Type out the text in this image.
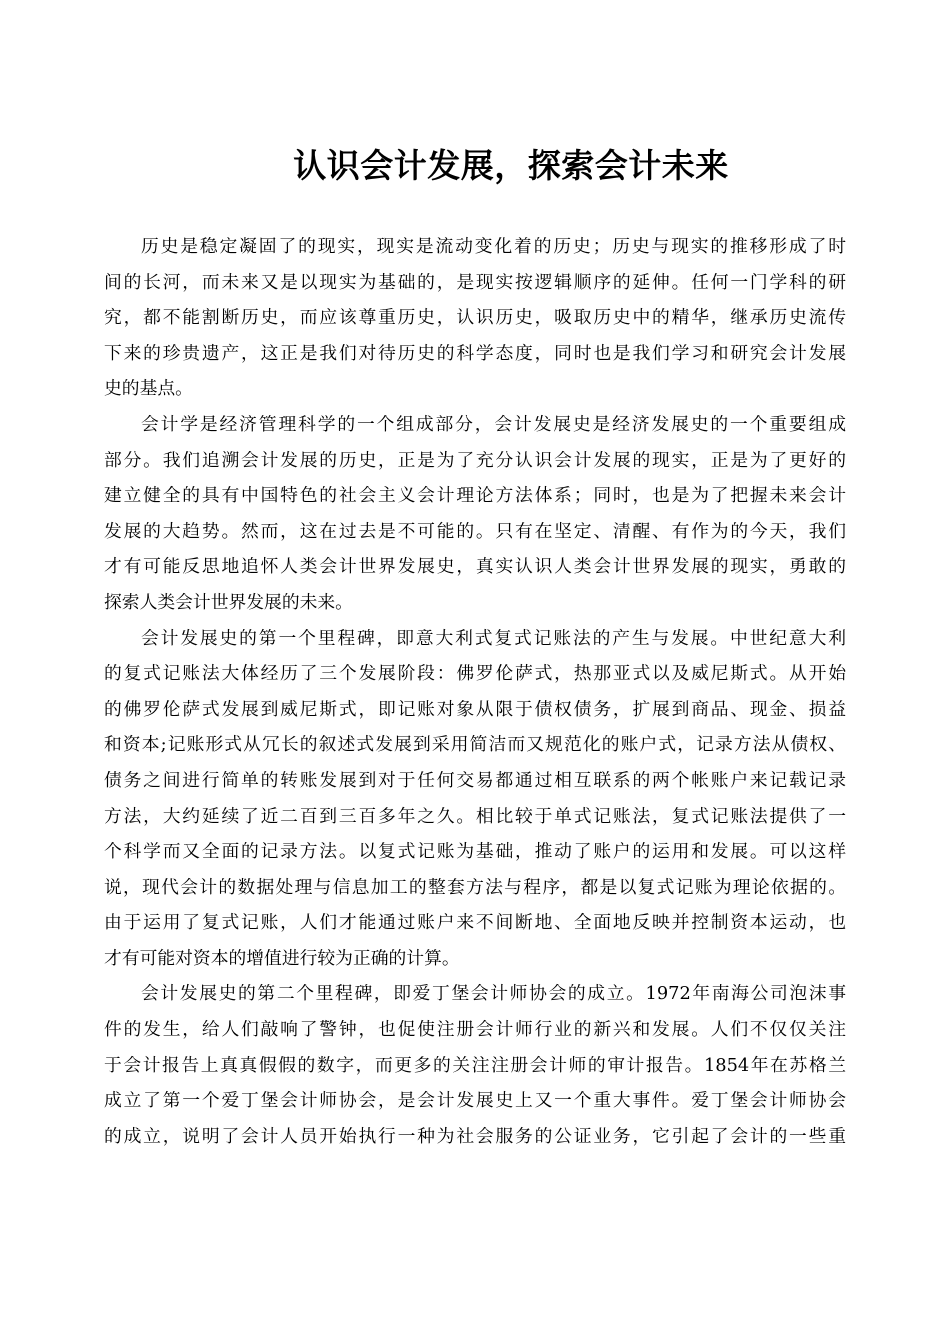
认识会计发展，探索会计未来
历史是稳定凝固了的现实，现实是流动变化着的历史；历史与现实的推移形成了时
间的长河，而未来又是以现实为基础的，是现实按逻辑顺序的延伸。任何一门学科的研
究，都不能割断历史，而应该尊重历史，认识历史，吸取历史中的精华，继承历史流传
下来的珍贵遗产，这正是我们对待历史的科学态度，同时也是我们学习和研究会计发展
史的基点。
会计学是经济管理科学的一个组成部分，会计发展史是经济发展史的一个重要组成
部分。我们追溯会计发展的历史，正是为了充分认识会计发展的现实，正是为了更好的
建立健全的具有中国特色的社会主义会计理论方法体系；同时，也是为了把握未来会计
发展的大趋势。然而，这在过去是不可能的。只有在坚定、清醒、有作为的今天，我们
才有可能反思地追怀人类会计世界发展史，真实认识人类会计世界发展的现实，勇敢的
探索人类会计世界发展的未来。
会计发展史的第一个里程碑，即意大利式复式记账法的产生与发展。中世纪意大利
的复式记账法大体经历了三个发展阶段：佛罗伦萨式，热那亚式以及威尼斯式。从开始
的佛罗伦萨式发展到威尼斯式，即记账对象从限于债权债务，扩展到商品、现金、损益
和资本;记账形式从冗长的叙述式发展到采用简洁而又规范化的账户式，记录方法从债权、
债务之间进行简单的转账发展到对于任何交易都通过相互联系的两个帐账户来记载记录
方法，大约延续了近二百到三百多年之久。相比较于单式记账法，复式记账法提供了一
个科学而又全面的记录方法。以复式记账为基础，推动了账户的运用和发展。可以这样
说，现代会计的数据处理与信息加工的整套方法与程序，都是以复式记账为理论依据的。
由于运用了复式记账，人们才能通过账户来不间断地、全面地反映并控制资本运动，也
才有可能对资本的增值进行较为正确的计算。
会计发展史的第二个里程碑，即爱丁堡会计师协会的成立。1972年南海公司泡沫事
件的发生，给人们敲响了警钟，也促使注册会计师行业的新兴和发展。人们不仅仅关注
于会计报告上真真假假的数字，而更多的关注注册会计师的审计报告。1854年在苏格兰
成立了第一个爱丁堡会计师协会，是会计发展史上又一个重大事件。爱丁堡会计师协会
的成立，说明了会计人员开始执行一种为社会服务的公证业务，它引起了会计的一些重
